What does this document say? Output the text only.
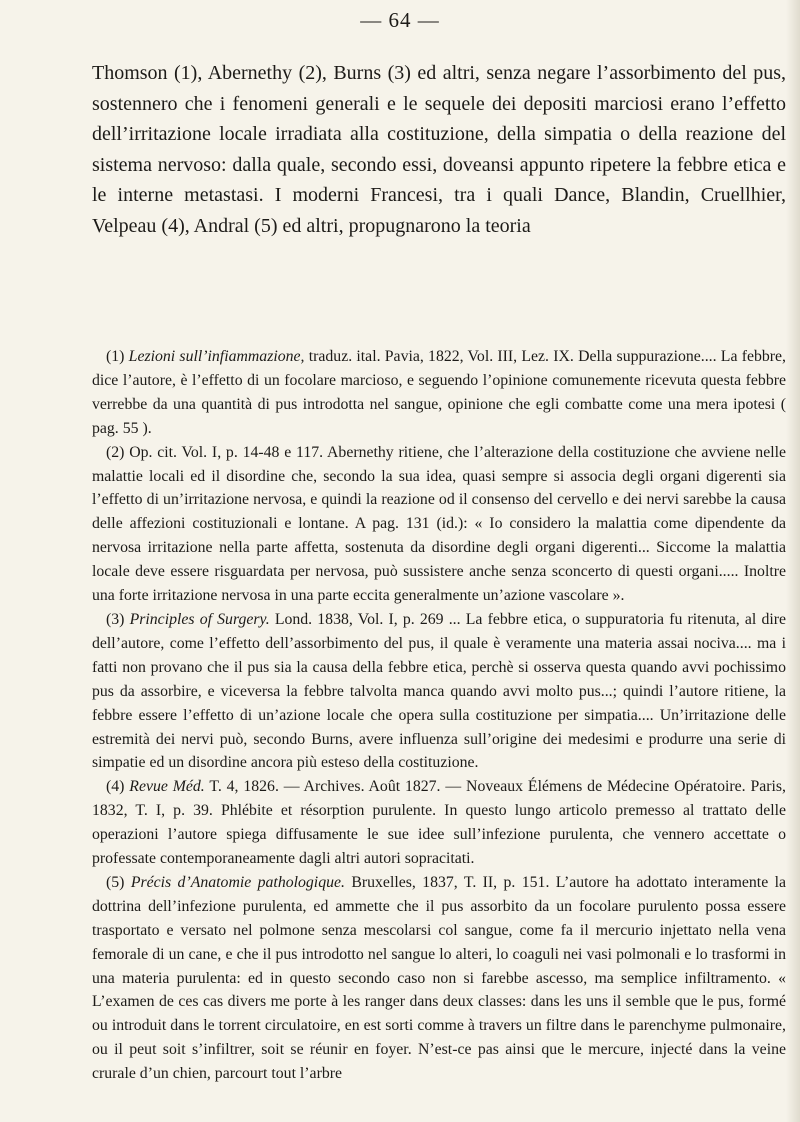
— 64 —
Thomson (1), Abernethy (2), Burns (3) ed altri, senza negare l’assorbimento del pus, sostennero che i fenomeni generali e le sequele dei depositi marciosi erano l’effetto dell’irritazione locale irradiata alla costituzione, della simpatia o della reazione del sistema nervoso: dalla quale, secondo essi, doveansi appunto ripetere la febbre etica e le interne metastasi. I moderni Francesi, tra i quali Dance, Blandin, Cruellhier, Velpeau (4), Andral (5) ed altri, propugnarono la teoria

(1) Lezioni sull’infiammazione, traduz. ital. Pavia, 1822, Vol. III, Lez. IX. Della suppurazione.... La febbre, dice l’autore, è l’effetto di un focolare marcioso, e seguendo l’opinione comunemente ricevuta questa febbre verrebbe da una quantità di pus introdotta nel sangue, opinione che egli combatte come una mera ipotesi ( pag. 55 ).

(2) Op. cit. Vol. I, p. 14-48 e 117. Abernethy ritiene, che l’alterazione della costituzione che avviene nelle malattie locali ed il disordine che, secondo la sua idea, quasi sempre si associa degli organi digerenti sia l’effetto di un’irritazione nervosa, e quindi la reazione od il consenso del cervello e dei nervi sarebbe la causa delle affezioni costituzionali e lontane. A pag. 131 (id.): « Io considero la malattia come dipendente da nervosa irritazione nella parte affetta, sostenuta da disordine degli organi digerenti... Siccome la malattia locale deve essere risguardata per nervosa, può sussistere anche senza sconcerto di questi organi..... Inoltre una forte irritazione nervosa in una parte eccita generalmente un’azione vascolare ».

(3) Principles of Surgery. Lond. 1838, Vol. I, p. 269 ... La febbre etica, o suppuratoria fu ritenuta, al dire dell’autore, come l’effetto dell’assorbimento del pus, il quale è veramente una materia assai nociva.... ma i fatti non provano che il pus sia la causa della febbre etica, perchè si osserva questa quando avvi pochissimo pus da assorbire, e viceversa la febbre talvolta manca quando avvi molto pus...; quindi l’autore ritiene, la febbre essere l’effetto di un’azione locale che opera sulla costituzione per simpatia.... Un’irritazione delle estremità dei nervi può, secondo Burns, avere influenza sull’origine dei medesimi e produrre una serie di simpatie ed un disordine ancora più esteso della costituzione.

(4) Revue Méd. T. 4, 1826. — Archives. Août 1827. — Noveaux Élémens de Médecine Opératoire. Paris, 1832, T. I, p. 39. Phlébite et résorption purulente. In questo lungo articolo premesso al trattato delle operazioni l’autore spiega diffusamente le sue idee sull’infezione purulenta, che vennero accettate o professate contemporaneamente dagli altri autori sopracitati.

(5) Précis d’Anatomie pathologique. Bruxelles, 1837, T. II, p. 151. L’autore ha adottato interamente la dottrina dell’infezione purulenta, ed ammette che il pus assorbito da un focolare purulento possa essere trasportato e versato nel polmone senza mescolarsi col sangue, come fa il mercurio injettato nella vena femorale di un cane, e che il pus introdotto nel sangue lo alteri, lo coaguli nei vasi polmonali e lo trasformi in una materia purulenta: ed in questo secondo caso non si farebbe ascesso, ma semplice infiltramento. « L’examen de ces cas divers me porte à les ranger dans deux classes: dans les uns il semble que le pus, formé ou introduit dans le torrent circulatoire, en est sorti comme à travers un filtre dans le parenchyme pulmonaire, ou il peut soit s’infiltrer, soit se réunir en foyer. N’est-ce pas ainsi que le mercure, injecté dans la veine crurale d’un chien, parcourt tout l’arbre
